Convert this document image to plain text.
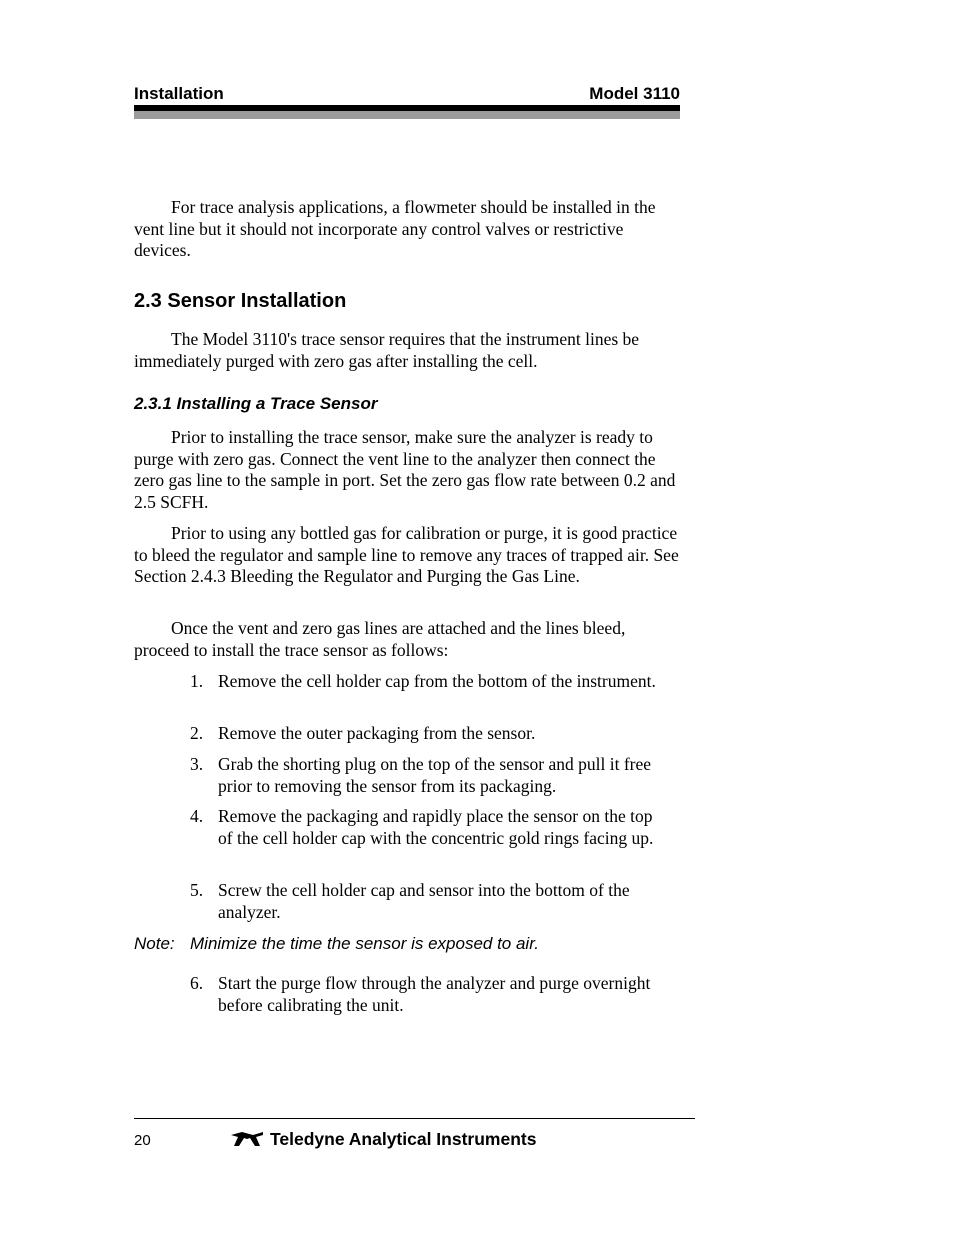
Installation	Model 3110

For trace analysis applications, a flowmeter should be installed in the vent line but it should not incorporate any control valves or restrictive devices.

2.3 Sensor Installation

The Model 3110's trace sensor requires that the instrument lines be immediately purged with zero gas after installing the cell.

2.3.1 Installing a Trace Sensor

Prior to installing the trace sensor, make sure the analyzer is ready to purge with zero gas. Connect the vent line to the analyzer then connect the zero gas line to the sample in port. Set the zero gas flow rate between 0.2 and 2.5 SCFH.

Prior to using any bottled gas for calibration or purge, it is good practice to bleed the regulator and sample line to remove any traces of trapped air. See Section 2.4.3 Bleeding the Regulator and Purging the Gas Line.

Once the vent and zero gas lines are attached and the lines bleed, proceed to install the trace sensor as follows:

1. Remove the cell holder cap from the bottom of the instrument.
2. Remove the outer packaging from the sensor.
3. Grab the shorting plug on the top of the sensor and pull it free prior to removing the sensor from its packaging.
4. Remove the packaging and rapidly place the sensor on the top of the cell holder cap with the concentric gold rings facing up.
5. Screw the cell holder cap and sensor into the bottom of the analyzer.
Note: Minimize the time the sensor is exposed to air.
6. Start the purge flow through the analyzer and purge overnight before calibrating the unit.
20	Teledyne Analytical Instruments
